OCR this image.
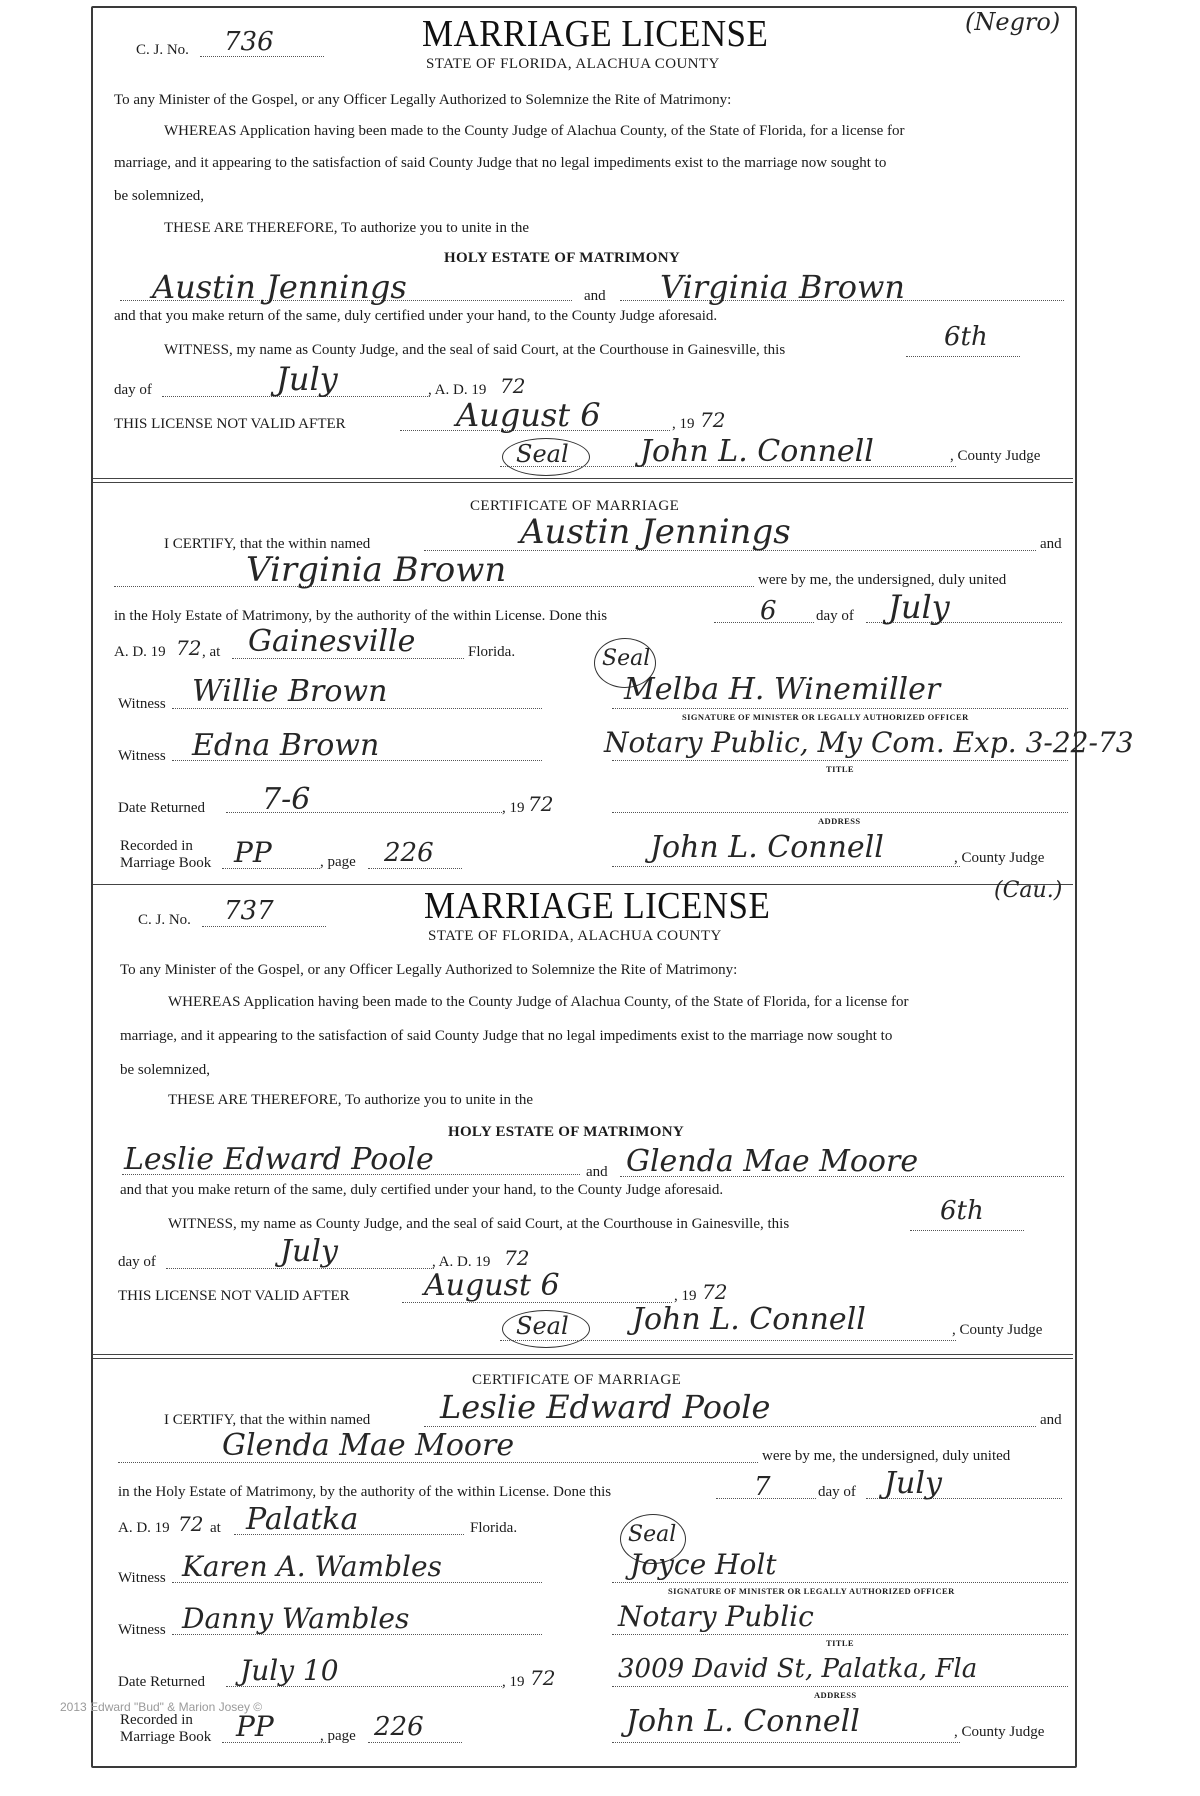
C. J. No. 736
(Negro)
MARRIAGE LICENSE
STATE OF FLORIDA, ALACHUA COUNTY
To any Minister of the Gospel, or any Officer Legally Authorized to Solemnize the Rite of Matrimony:
WHEREAS Application having been made to the County Judge of Alachua County, of the State of Florida, for a license for
marriage, and it appearing to the satisfaction of said County Judge that no legal impediments exist to the marriage now sought to
be solemnized,
THESE ARE THEREFORE, To authorize you to unite in the
HOLY ESTATE OF MATRIMONY
Austin Jennings	and Virginia Brown
and that you make return of the same, duly certified under your hand, to the County Judge aforesaid.
WITNESS, my name as County Judge, and the seal of said Court, at the Courthouse in Gainesville, this	6th
day of	July	, A. D. 19 72
THIS LICENSE NOT VALID AFTER	August 6	, 19 72
Seal John L. Connell	, County Judge
CERTIFICATE OF MARRIAGE
I CERTIFY, that the within named	Austin Jennings	and
Virginia Brown	were by me, the undersigned, duly united
in the Holy Estate of Matrimony, by the authority of the within License. Done this	6	day of July
A. D. 19 72 , at Gainesville	Florida.	Seal
Witness Willie Brown	Melba H. Winemiller
SIGNATURE OF MINISTER OR LEGALLY AUTHORIZED OFFICER
Witness Edna Brown	Notary Public, My Com. Exp. 3-22-73
TITLE
Date Returned 7-6	, 19 72
ADDRESS
Recorded in
Marriage Book PP	, page 226	John L. Connell	, County Judge
C. J. No. 737
(Cau.)
MARRIAGE LICENSE
STATE OF FLORIDA, ALACHUA COUNTY
To any Minister of the Gospel, or any Officer Legally Authorized to Solemnize the Rite of Matrimony:
WHEREAS Application having been made to the County Judge of Alachua County, of the State of Florida, for a license for
marriage, and it appearing to the satisfaction of said County Judge that no legal impediments exist to the marriage now sought to
be solemnized,
THESE ARE THEREFORE, To authorize you to unite in the
HOLY ESTATE OF MATRIMONY
Leslie Edward Poole	and Glenda Mae Moore
and that you make return of the same, duly certified under your hand, to the County Judge aforesaid.
WITNESS, my name as County Judge, and the seal of said Court, at the Courthouse in Gainesville, this	6th
day of	July	, A. D. 19 72
THIS LICENSE NOT VALID AFTER August 6	, 19 72
Seal John L. Connell	, County Judge
CERTIFICATE OF MARRIAGE
I CERTIFY, that the within named Leslie Edward Poole	and
Glenda Mae Moore	were by me, the undersigned, duly united
in the Holy Estate of Matrimony, by the authority of the within License. Done this	7	day of July
A. D. 19 72 at Palatka	Florida.	Seal
Witness Karen A. Wambles	Joyce Holt
SIGNATURE OF MINISTER OR LEGALLY AUTHORIZED OFFICER
Witness Danny Wambles	Notary Public
TITLE
Date Returned July 10	, 19 72 3009 David St, Palatka, Fla
ADDRESS
Recorded in
Marriage Book PP	, page 226	John L. Connell	, County Judge
2013 Edward "Bud" & Marion Josey ©
